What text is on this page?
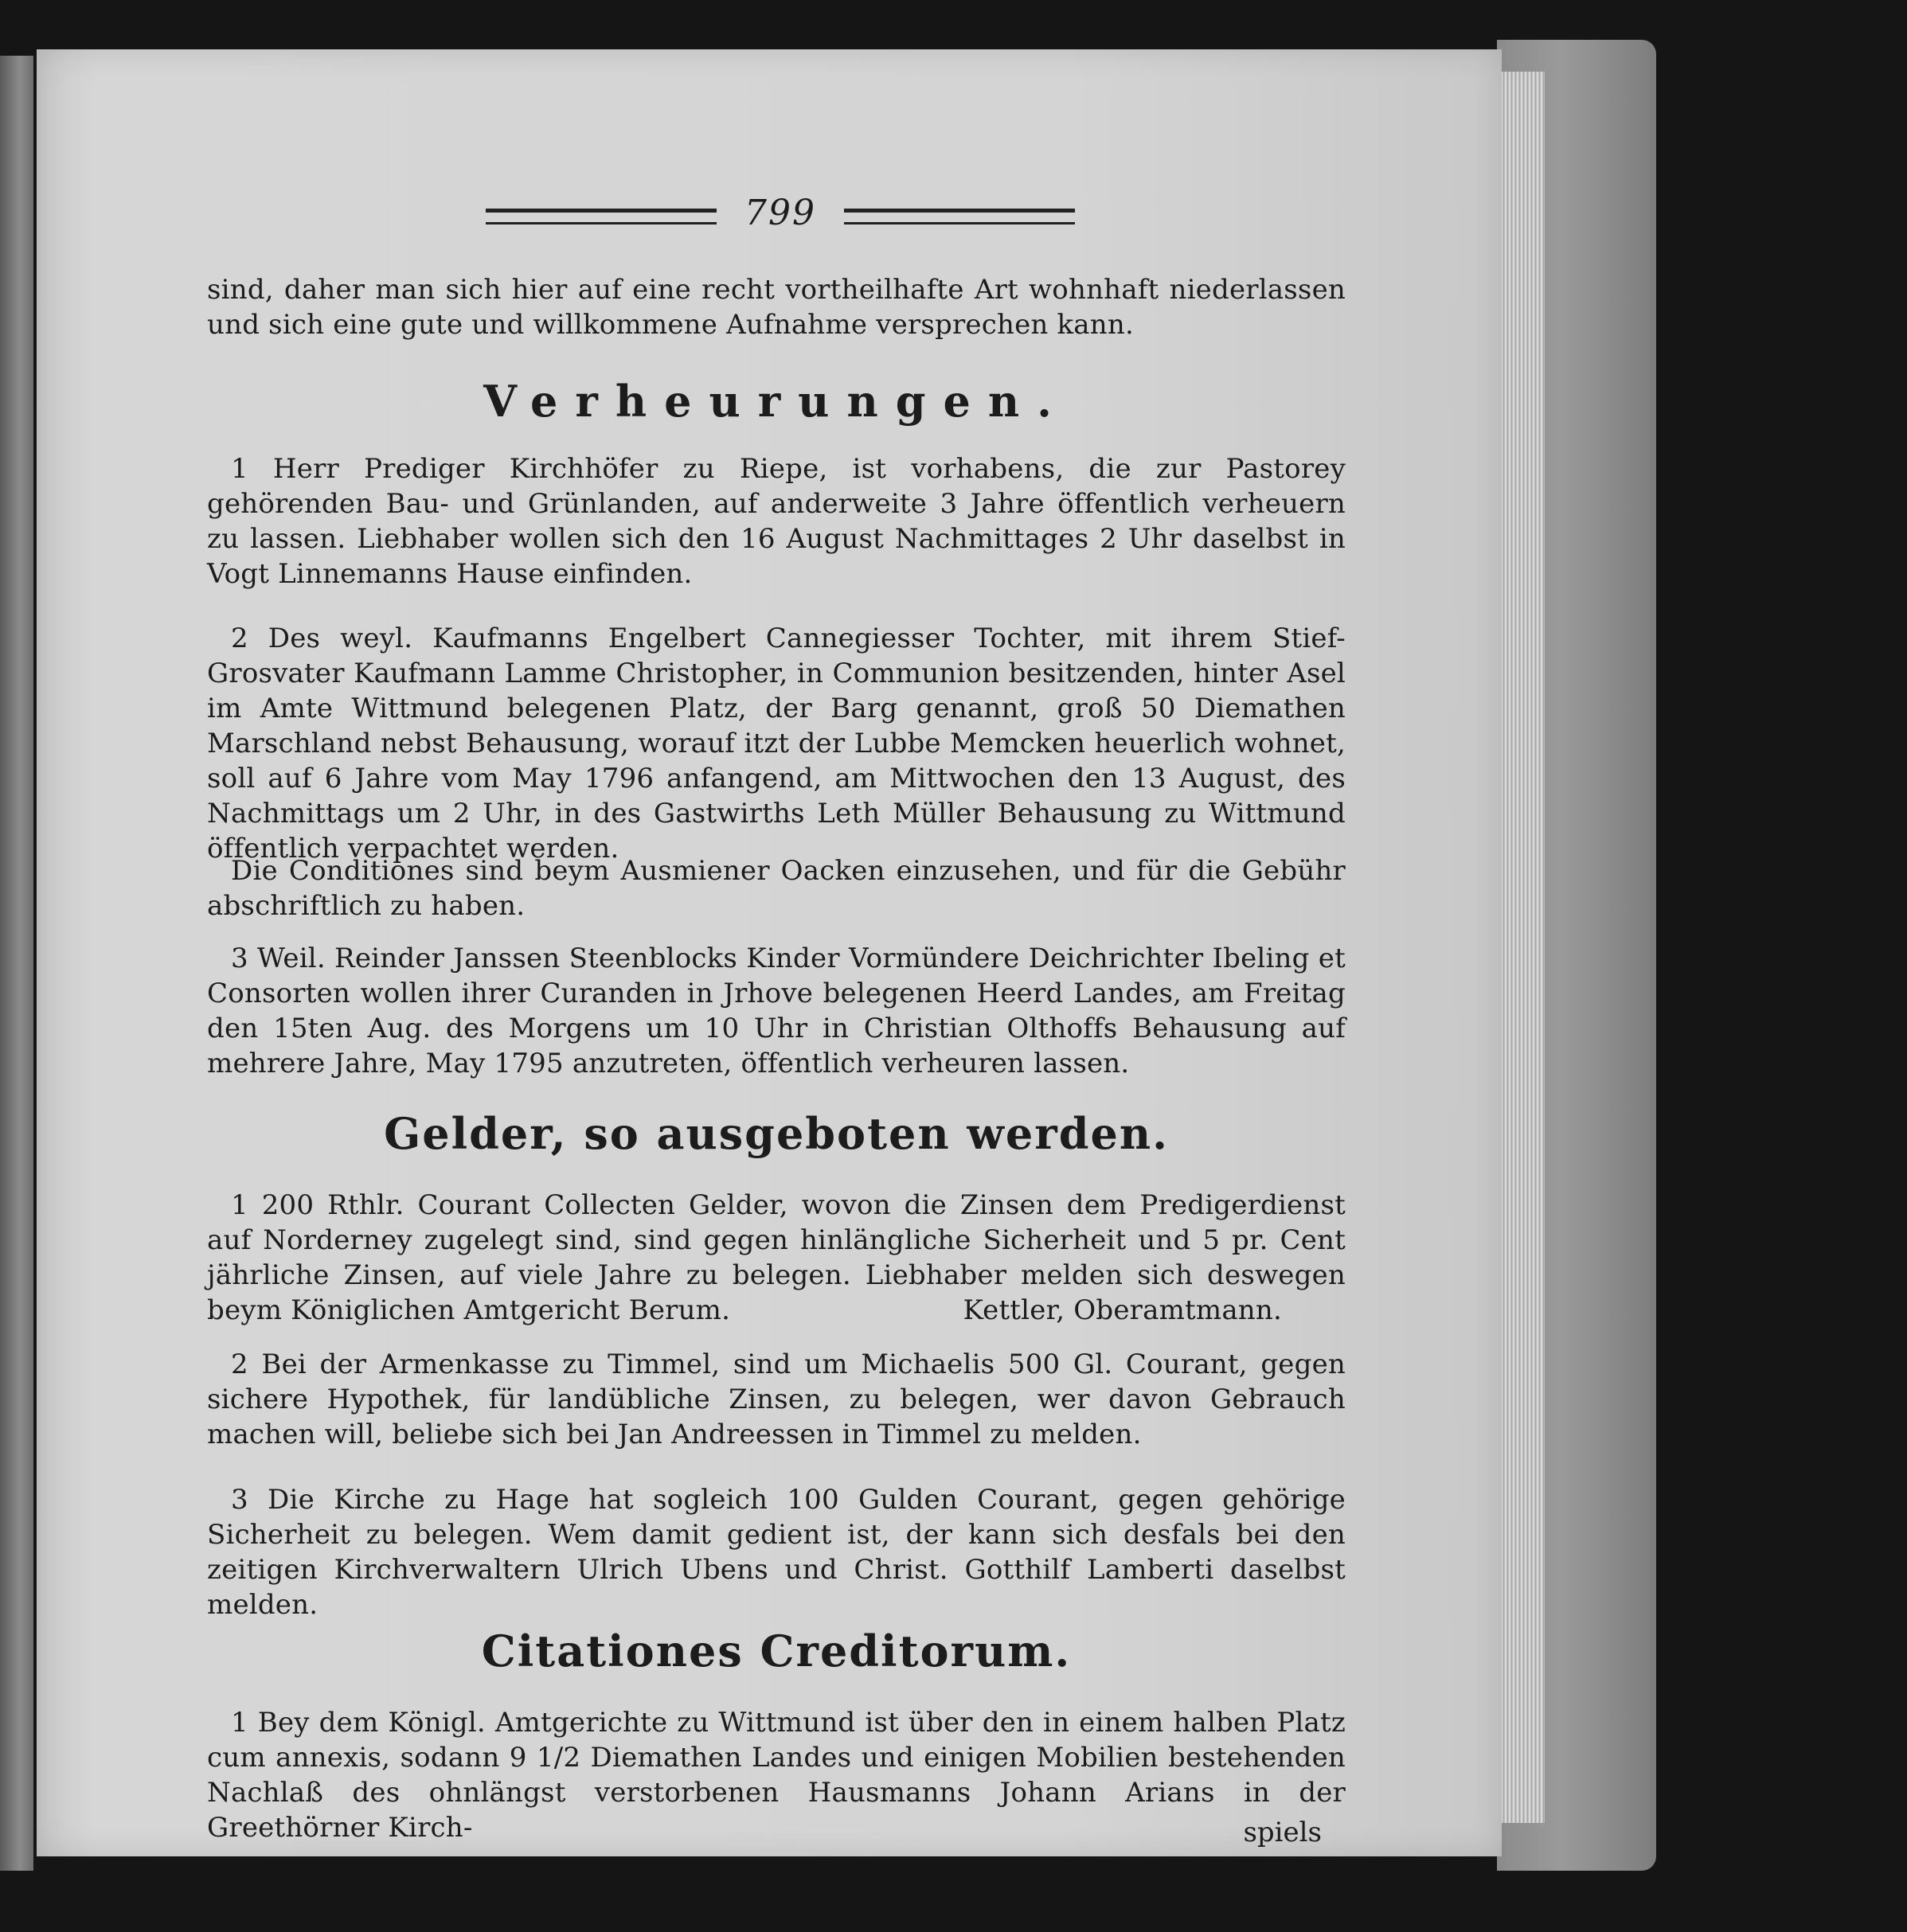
799
sind, daher man sich hier auf eine recht vortheilhafte Art wohnhaft niederlassen und sich eine gute und willkommene Aufnahme versprechen kann.
Verheurungen.
1 Herr Prediger Kirchhöfer zu Riepe, ist vorhabens, die zur Pastorey gehörenden Bau- und Grünlanden, auf anderweite 3 Jahre öffentlich verheuern zu lassen. Liebhaber wollen sich den 16 August Nachmittages 2 Uhr daselbst in Vogt Linnemanns Hause einfinden.
2 Des weyl. Kaufmanns Engelbert Cannegiesser Tochter, mit ihrem Stief-Grosvater Kaufmann Lamme Christopher, in Communion besitzenden, hinter Asel im Amte Wittmund belegenen Platz, der Barg genannt, groß 50 Diemathen Marschland nebst Behausung, worauf itzt der Lubbe Memcken heuerlich wohnet, soll auf 6 Jahre vom May 1796 anfangend, am Mittwochen den 13 August, des Nachmittags um 2 Uhr, in des Gastwirths Leth Müller Behausung zu Wittmund öffentlich verpachtet werden.
Die Conditiones sind beym Ausmiener Oacken einzusehen, und für die Gebühr abschriftlich zu haben.
3 Weil. Reinder Janssen Steenblocks Kinder Vormündere Deichrichter Ibeling et Consorten wollen ihrer Curanden in Jrhove belegenen Heerd Landes, am Freitag den 15ten Aug. des Morgens um 10 Uhr in Christian Olthoffs Behausung auf mehrere Jahre, May 1795 anzutreten, öffentlich verheuren lassen.
Gelder, so ausgeboten werden.
1 200 Rthlr. Courant Collecten Gelder, wovon die Zinsen dem Predigerdienst auf Norderney zugelegt sind, sind gegen hinlängliche Sicherheit und 5 pr. Cent jährliche Zinsen, auf viele Jahre zu belegen. Liebhaber melden sich deswegen beym Königlichen Amtgericht Berum.	Kettler, Oberamtmann.
2 Bei der Armenkasse zu Timmel, sind um Michaelis 500 Gl. Courant, gegen sichere Hypothek, für landübliche Zinsen, zu belegen, wer davon Gebrauch machen will, beliebe sich bei Jan Andreessen in Timmel zu melden.
3 Die Kirche zu Hage hat sogleich 100 Gulden Courant, gegen gehörige Sicherheit zu belegen. Wem damit gedient ist, der kann sich desfals bei den zeitigen Kirchverwaltern Ulrich Ubens und Christ. Gotthilf Lamberti daselbst melden.
Citationes Creditorum.
1 Bey dem Königl. Amtgerichte zu Wittmund ist über den in einem halben Platz cum annexis, sodann 9 1/2 Diemathen Landes und einigen Mobilien bestehenden Nachlaß des ohnlängst verstorbenen Hausmanns Johann Arians in der Greethörner Kirch-	spiels
